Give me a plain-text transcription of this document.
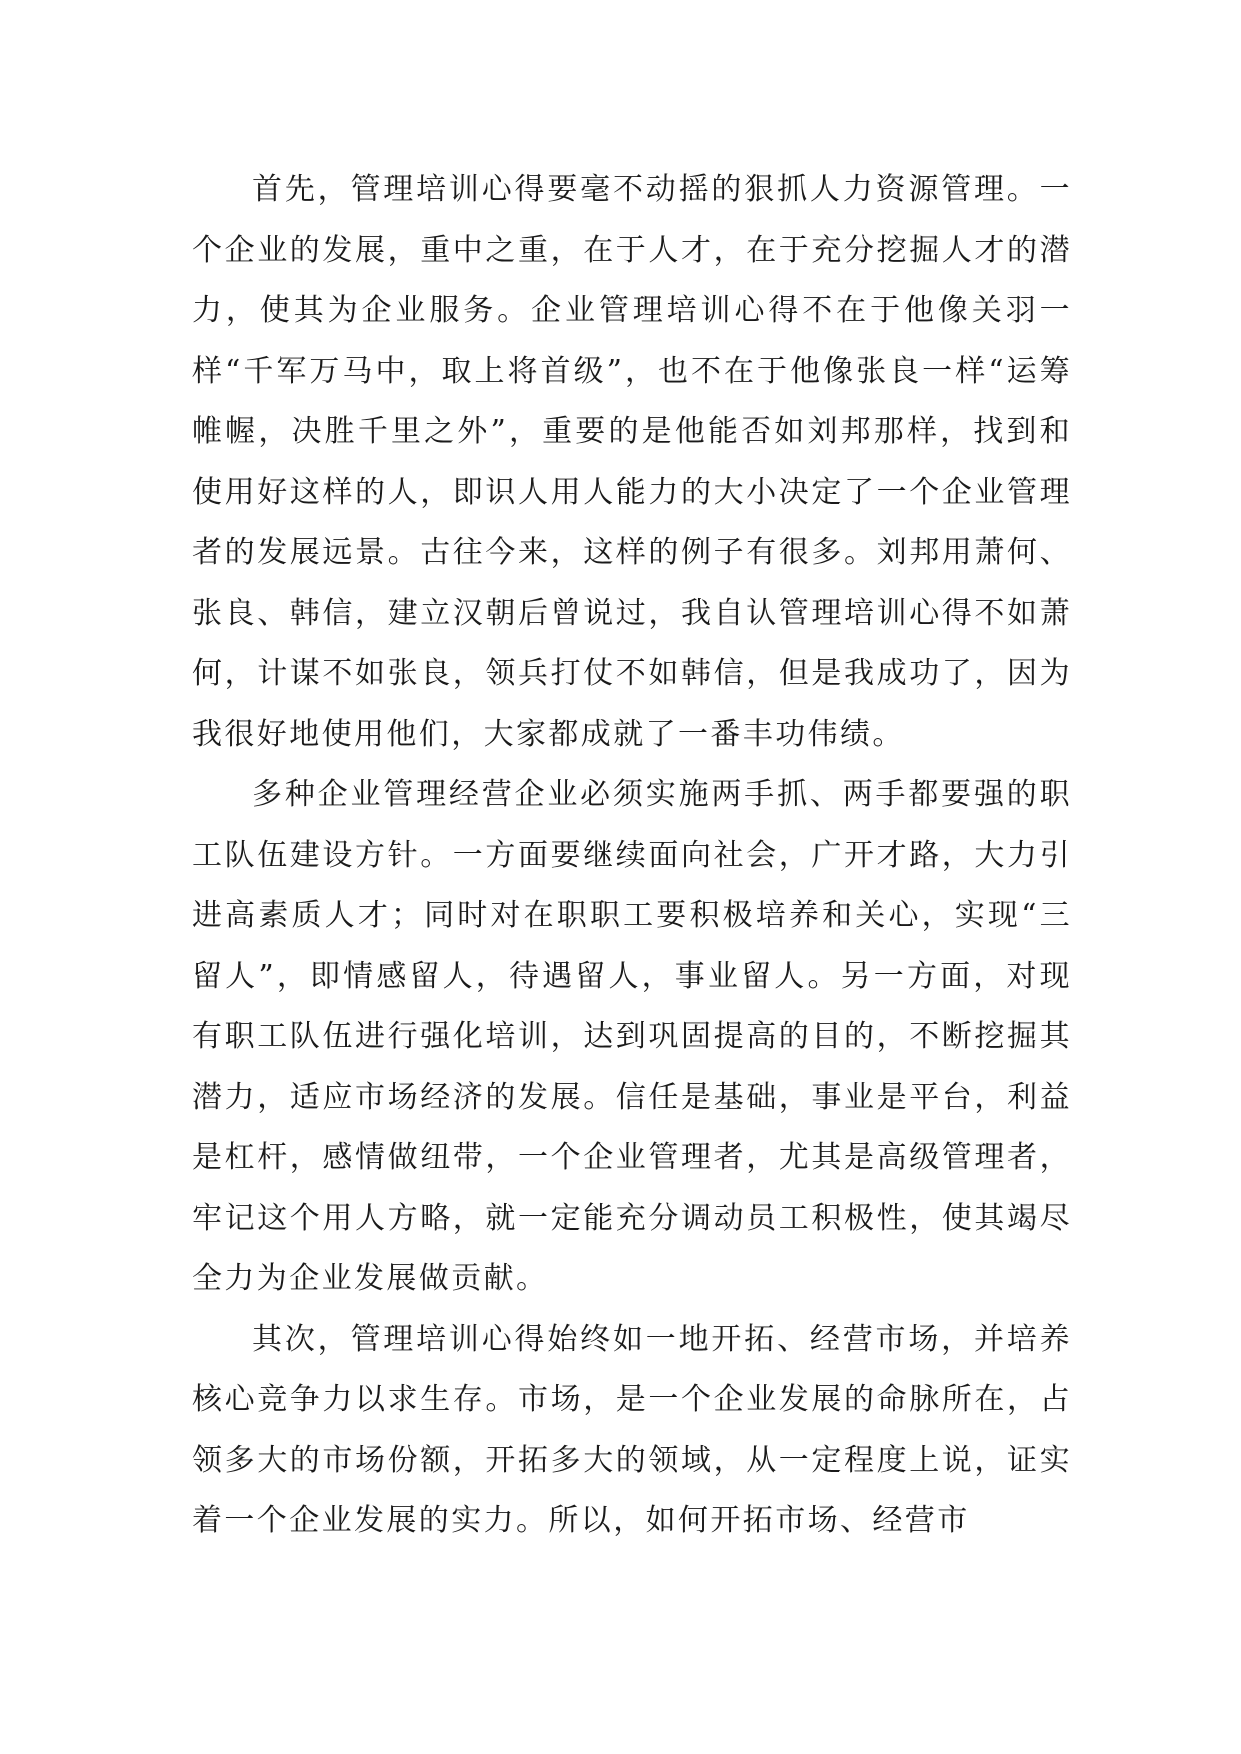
首先，管理培训心得要毫不动摇的狠抓人力资源管理。一个企业的发展，重中之重，在于人才，在于充分挖掘人才的潜力，使其为企业服务。企业管理培训心得不在于他像关羽一样“千军万马中，取上将首级”，也不在于他像张良一样“运筹帷幄，决胜千里之外”，重要的是他能否如刘邦那样，找到和使用好这样的人，即识人用人能力的大小决定了一个企业管理者的发展远景。古往今来，这样的例子有很多。刘邦用萧何、张良、韩信，建立汉朝后曾说过，我自认管理培训心得不如萧何，计谋不如张良，领兵打仗不如韩信，但是我成功了，因为我很好地使用他们，大家都成就了一番丰功伟绩。

多种企业管理经营企业必须实施两手抓、两手都要强的职工队伍建设方针。一方面要继续面向社会，广开才路，大力引进高素质人才；同时对在职职工要积极培养和关心，实现“三留人”，即情感留人，待遇留人，事业留人。另一方面，对现有职工队伍进行强化培训，达到巩固提高的目的，不断挖掘其潜力，适应市场经济的发展。信任是基础，事业是平台，利益是杠杆，感情做纽带，一个企业管理者，尤其是高级管理者，牢记这个用人方略，就一定能充分调动员工积极性，使其竭尽全力为企业发展做贡献。

其次，管理培训心得始终如一地开拓、经营市场，并培养核心竞争力以求生存。市场，是一个企业发展的命脉所在，占领多大的市场份额，开拓多大的领域，从一定程度上说，证实着一个企业发展的实力。所以，如何开拓市场、经营市
